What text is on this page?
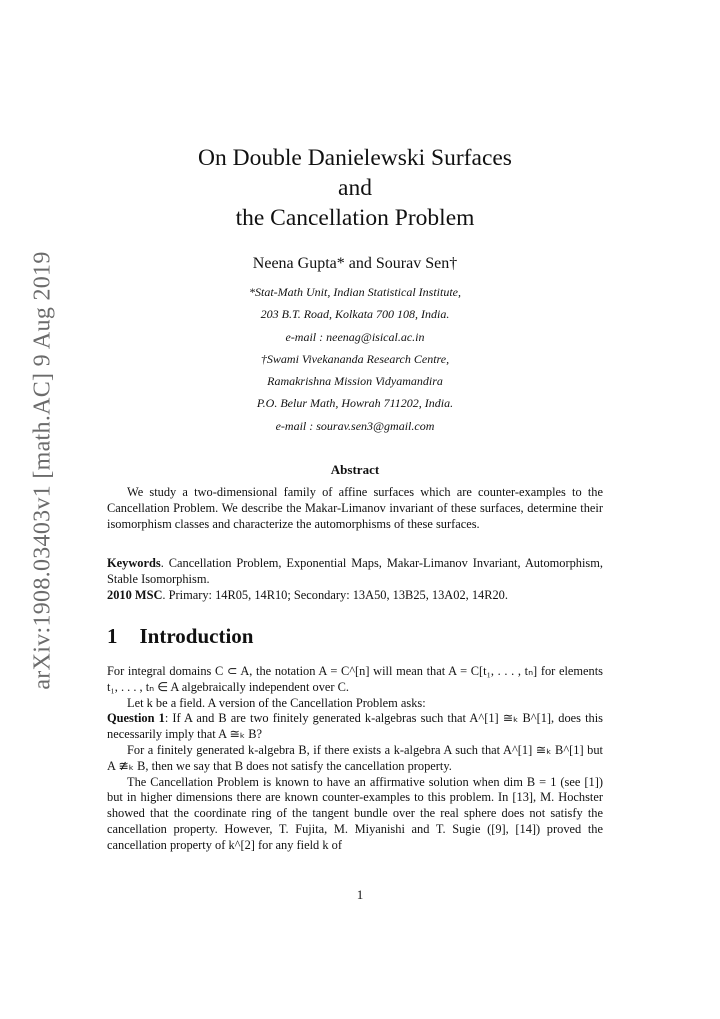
arXiv:1908.03403v1 [math.AC] 9 Aug 2019
On Double Danielewski Surfaces
and
the Cancellation Problem
Neena Gupta* and Sourav Sen†
*Stat-Math Unit, Indian Statistical Institute,
203 B.T. Road, Kolkata 700 108, India.
e-mail : neenag@isical.ac.in
†Swami Vivekananda Research Centre,
Ramakrishna Mission Vidyamandira
P.O. Belur Math, Howrah 711202, India.
e-mail : sourav.sen3@gmail.com
Abstract

We study a two-dimensional family of affine surfaces which are counter-examples to the Cancellation Problem. We describe the Makar-Limanov invariant of these surfaces, determine their isomorphism classes and characterize the automorphisms of these surfaces.

Keywords. Cancellation Problem, Exponential Maps, Makar-Limanov Invariant, Automorphism, Stable Isomorphism.

2010 MSC. Primary: 14R05, 14R10; Secondary: 13A50, 13B25, 13A02, 14R20.

1 Introduction

For integral domains C ⊂ A, the notation A = C^[n] will mean that A = C[t₁, . . . , tₙ] for elements t₁, . . . , tₙ ∈ A algebraically independent over C.

Let k be a field. A version of the Cancellation Problem asks:

Question 1: If A and B are two finitely generated k-algebras such that A^[1] ≅ₖ B^[1], does this necessarily imply that A ≅ₖ B?

For a finitely generated k-algebra B, if there exists a k-algebra A such that A^[1] ≅ₖ B^[1] but A ≇ₖ B, then we say that B does not satisfy the cancellation property.

The Cancellation Problem is known to have an affirmative solution when dim B = 1 (see [1]) but in higher dimensions there are known counter-examples to this problem. In [13], M. Hochster showed that the coordinate ring of the tangent bundle over the real sphere does not satisfy the cancellation property. However, T. Fujita, M. Miyanishi and T. Sugie ([9], [14]) proved the cancellation property of k^[2] for any field k of

1
